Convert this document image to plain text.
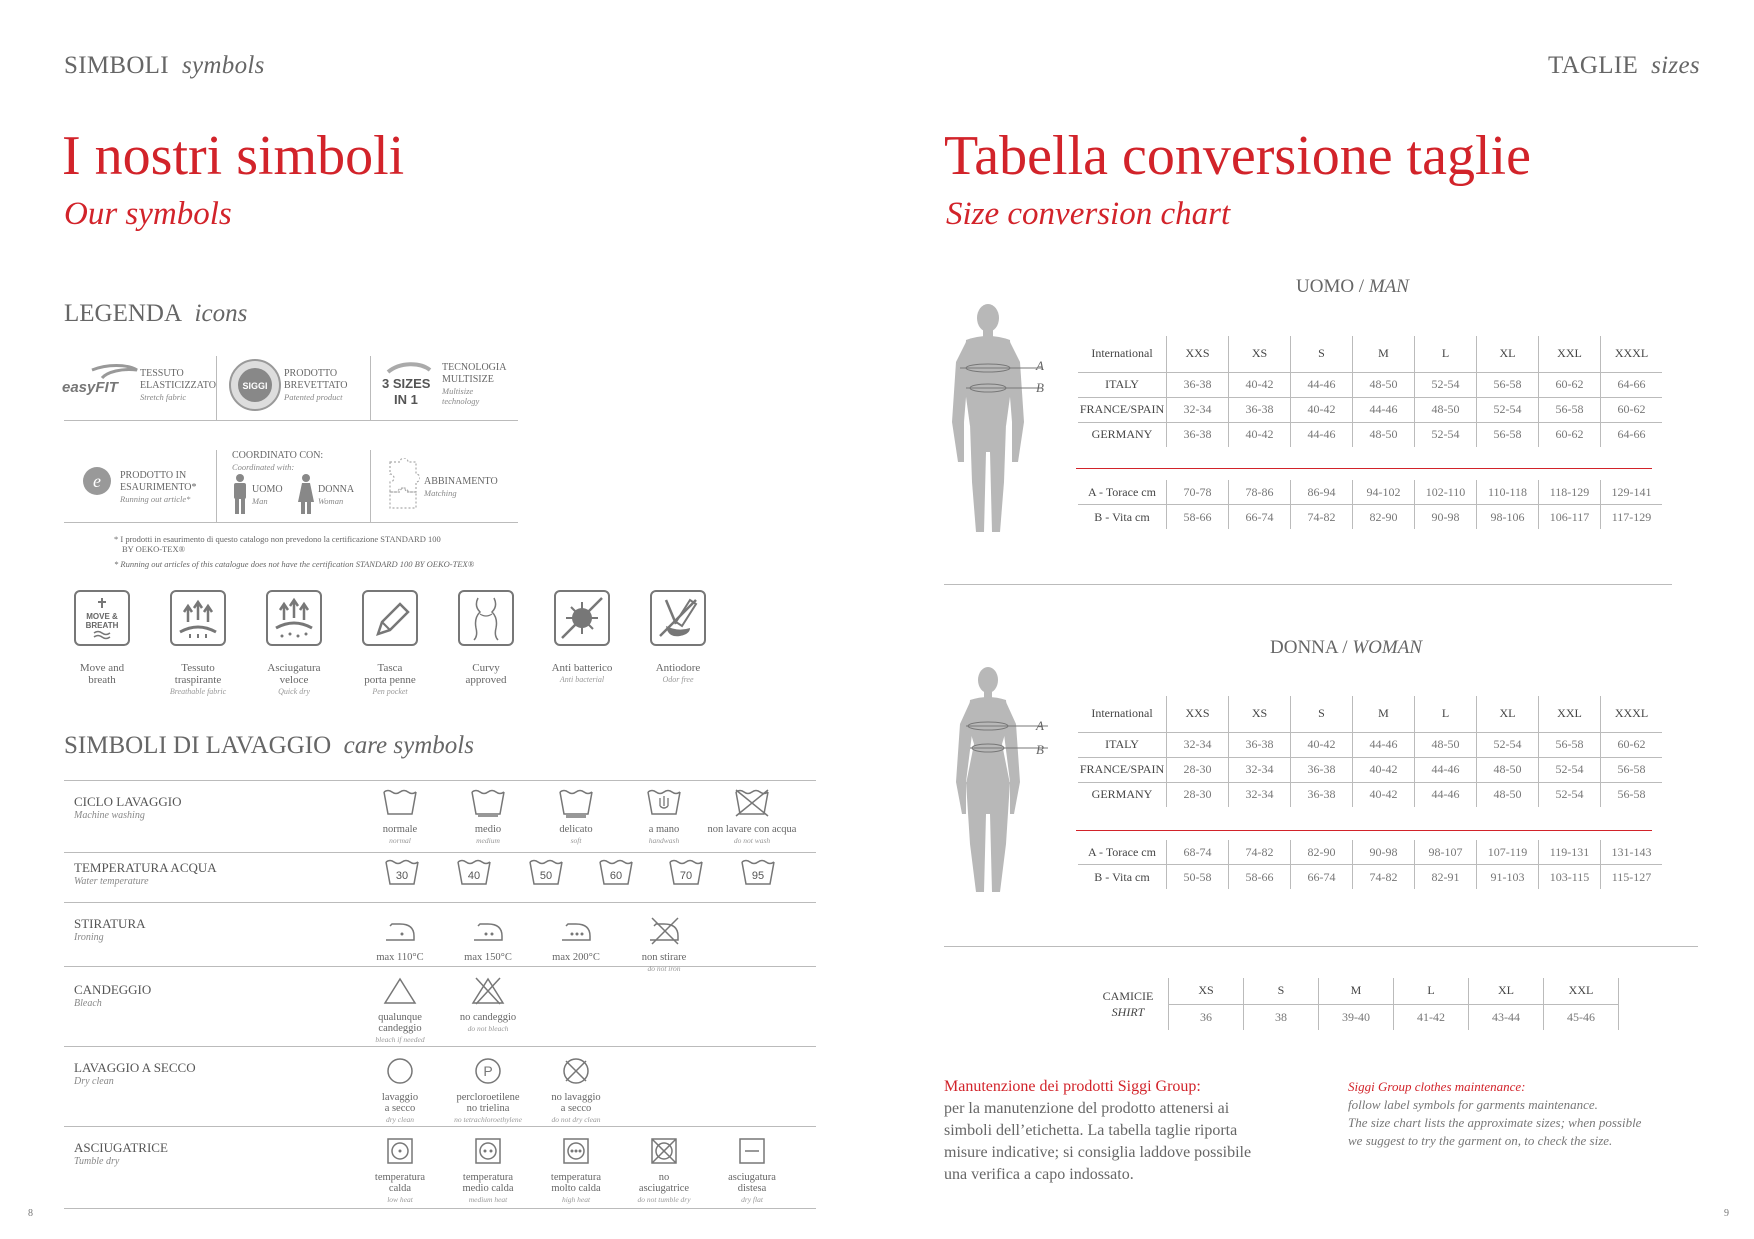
SIMBOLI symbols
I nostri simboli
Our symbols
LEGENDA icons
easyFIT
TESSUTO
ELASTICIZZATO
Stretch fabric
SIGGI
PRODOTTO
BREVETTATO
Patented product
3 SIZES
IN 1
TECNOLOGIA
MULTISIZE
Multisize
technology
e PRODOTTO IN
ESAURIMENTO*
Running out article*
COORDINATO CON:
Coordinated with:
UOMO
Man
DONNA
Woman
ABBINAMENTO
Matching
* I prodotti in esaurimento di questo catalogo non prevedono la certificazione STANDARD 100
BY OEKO-TEX®
* Running out articles of this catalogue does not have the certification STANDARD 100 BY OEKO-TEX®
MOVE &
BREATH
Move and
breath
Tessuto
traspirante
Breathable fabric
Asciugatura
veloce
Quick dry
Tasca
porta penne
Pen pocket
Curvy
approved
Anti batterico
Anti bacterial
Antiodore
Odor free
SIMBOLI DI LAVAGGIO care symbols
CICLO LAVAGGIO
Machine washing
normale
normal
medio
medium
delicato
soft
a mano
handwash
non lavare con acqua
do not wash
TEMPERATURA ACQUA
Water temperature	30	40	50	60	70	95
STIRATURA
Ironing
max 110°C	max 150°C	max 200°C	non stirare
do not iron
CANDEGGIO
Bleach
qualunque
candeggio
bleach if needed
no candeggio
do not bleach
LAVAGGIO A SECCO
Dry clean
lavaggio
a secco
dry clean
P
percloroetilene
no trielina
no tetrachloroethylene
no lavaggio
a secco
do not dry clean
ASCIUGATRICE
Tumble dry
temperatura
calda
low heat
temperatura
medio calda
medium heat
temperatura
molto calda
high heat
no
asciugatrice
do not tumble dry
asciugatura
distesa
dry flat
8
TAGLIE sizes
Tabella conversione taglie
Size conversion chart
UOMO / MAN
A
B
International	XXS	XS	S	M	L	XL	XXL	XXXL
ITALY	36-38	40-42	44-46	48-50	52-54	56-58	60-62	64-66
FRANCE/SPAIN	32-34	36-38	40-42	44-46	48-50	52-54	56-58	60-62
GERMANY	36-38	40-42	44-46	48-50	52-54	56-58	60-62	64-66
A - Torace cm	70-78	78-86	86-94	94-102	102-110	110-118	118-129	129-141
B - Vita cm	58-66	66-74	74-82	82-90	90-98	98-106	106-117	117-129
DONNA / WOMAN
A
B
International	XXS	XS	S	M	L	XL	XXL	XXXL
ITALY	32-34	36-38	40-42	44-46	48-50	52-54	56-58	60-62
FRANCE/SPAIN	28-30	32-34	36-38	40-42	44-46	48-50	52-54	56-58
GERMANY	28-30	32-34	36-38	40-42	44-46	48-50	52-54	56-58
A - Torace cm	68-74	74-82	82-90	90-98	98-107	107-119	119-131	131-143
B - Vita cm	50-58	58-66	66-74	74-82	82-91	91-103	103-115	115-127
CAMICIE
SHIRT	XS	S	M	L	XL	XXL
	36	38	39-40	41-42	43-44	45-46
Manutenzione dei prodotti Siggi Group:
per la manutenzione del prodotto attenersi ai
simboli dell’etichetta. La tabella taglie riporta
misure indicative; si consiglia laddove possibile
una verifica a capo indossato.
Siggi Group clothes maintenance:
follow label symbols for garments maintenance.
The size chart lists the approximate sizes; when possible
we suggest to try the garment on, to check the size.
9
